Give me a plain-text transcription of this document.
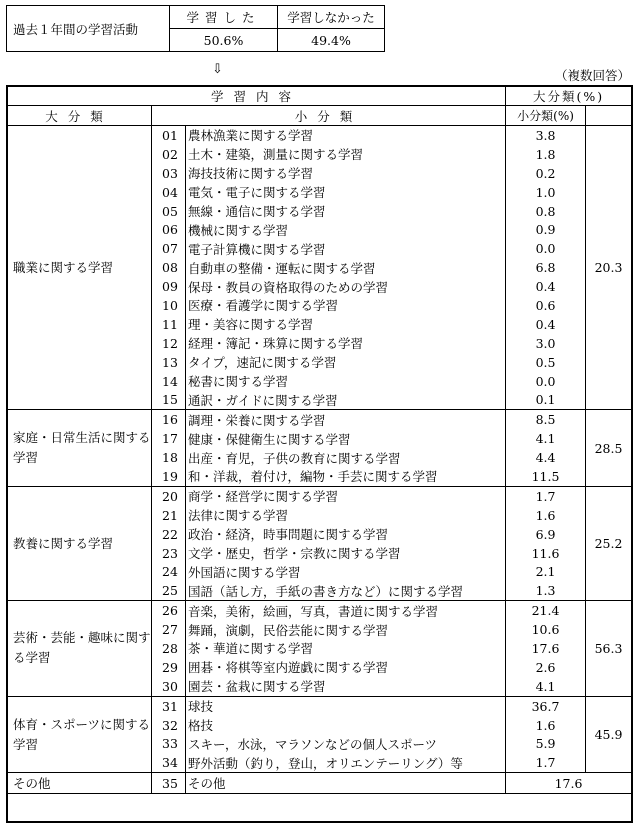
過去１年間の学習活動	学習した	学習しなかった
	50.6%	49.4%
⇩	（複数回答）
学習内容			大分類(%)	
大分類	小分類		小分類(%)	
職業に関する学習	01	農林漁業に関する学習	3.8	20.3
	02	土木・建築，測量に関する学習	1.8	
	03	海技技術に関する学習	0.2	
	04	電気・電子に関する学習	1.0	
	05	無線・通信に関する学習	0.8	
	06	機械に関する学習	0.9	
	07	電子計算機に関する学習	0.0	
	08	自動車の整備・運転に関する学習	6.8	
	09	保母・教員の資格取得のための学習	0.4	
	10	医療・看護学に関する学習	0.6	
	11	理・美容に関する学習	0.4	
	12	経理・簿記・珠算に関する学習	3.0	
	13	タイプ，速記に関する学習	0.5	
	14	秘書に関する学習	0.0	
	15	通訳・ガイドに関する学習	0.1	
家庭・日常生活に関する学習	16	調理・栄養に関する学習	8.5	28.5
	17	健康・保健衛生に関する学習	4.1	
	18	出産・育児，子供の教育に関する学習	4.4	
	19	和・洋裁，着付け，編物・手芸に関する学習	11.5	
教養に関する学習	20	商学・経営学に関する学習	1.7	25.2
	21	法律に関する学習	1.6	
	22	政治・経済，時事問題に関する学習	6.9	
	23	文学・歴史，哲学・宗教に関する学習	11.6	
	24	外国語に関する学習	2.1	
	25	国語（話し方，手紙の書き方など）に関する学習	1.3	
芸術・芸能・趣味に関する学習	26	音楽，美術，絵画，写真，書道に関する学習	21.4	56.3
	27	舞踊，演劇，民俗芸能に関する学習	10.6	
	28	茶・華道に関する学習	17.6	
	29	囲碁・将棋等室内遊戯に関する学習	2.6	
	30	園芸・盆栽に関する学習	4.1	
体育・スポーツに関する学習	31	球技	36.7	45.9
	32	格技	1.6	
	33	スキー，水泳，マラソンなどの個人スポーツ	5.9	
	34	野外活動（釣り，登山，オリエンテーリング）等	1.7	
その他	35	その他	17.6	
